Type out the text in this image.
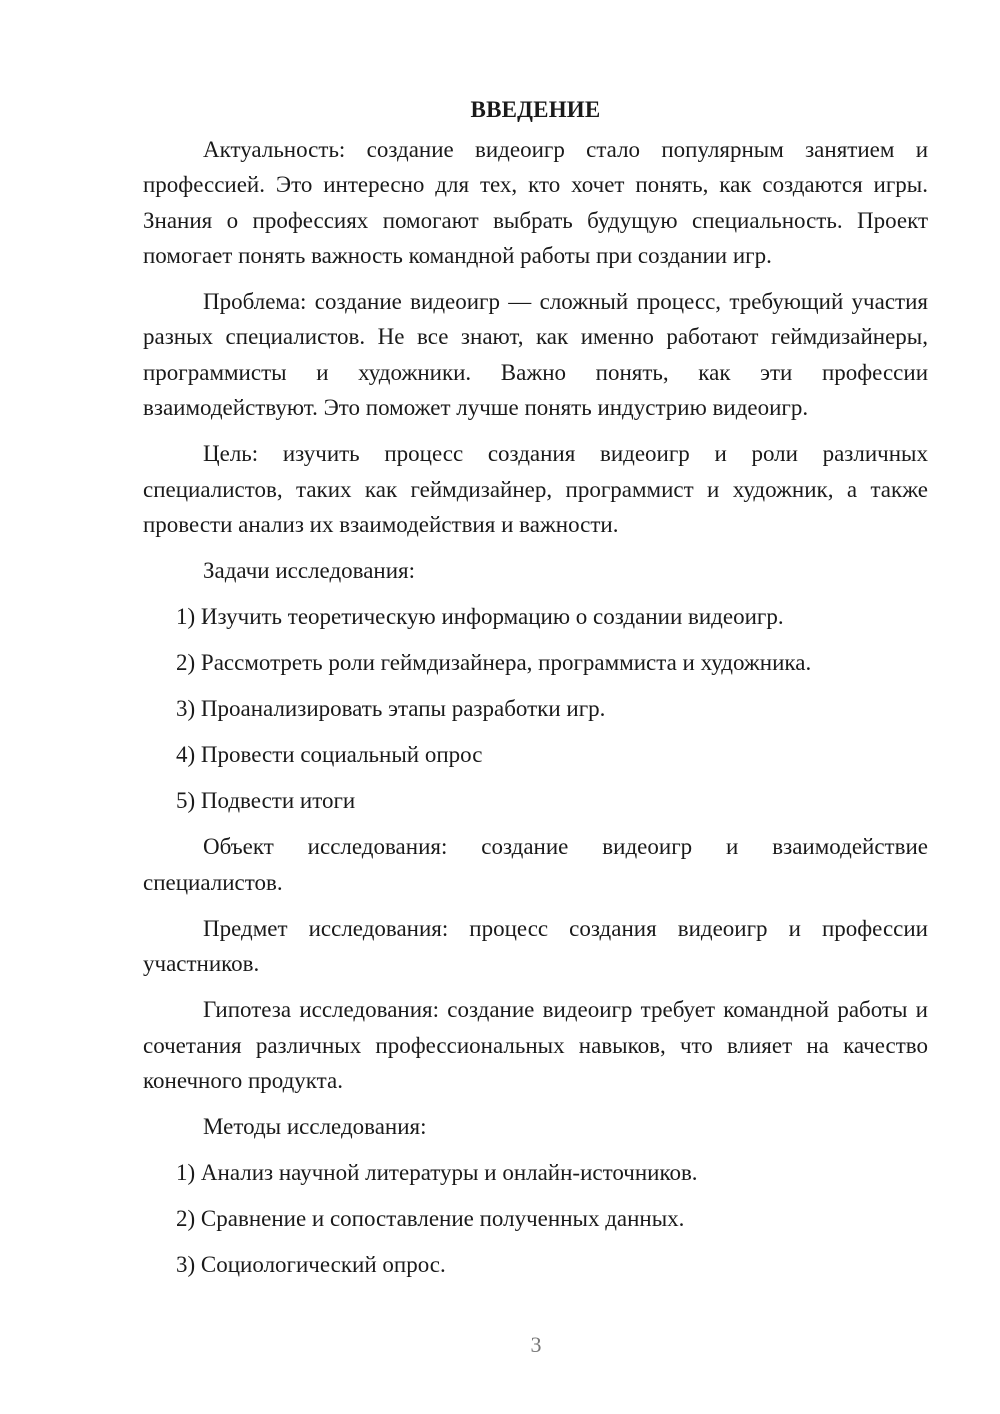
ВВЕДЕНИЕ

Актуальность: создание видеоигр стало популярным занятием и профессией. Это интересно для тех, кто хочет понять, как создаются игры. Знания о профессиях помогают выбрать будущую специальность. Проект помогает понять важность командной работы при создании игр.

Проблема: создание видеоигр — сложный процесс, требующий участия разных специалистов. Не все знают, как именно работают геймдизайнеры, программисты и художники. Важно понять, как эти профессии взаимодействуют. Это поможет лучше понять индустрию видеоигр.

Цель: изучить процесс создания видеоигр и роли различных специалистов, таких как геймдизайнер, программист и художник, а также провести анализ их взаимодействия и важности.

Задачи исследования:

1) Изучить теоретическую информацию о создании видеоигр.
2) Рассмотреть роли геймдизайнера, программиста и художника.
3) Проанализировать этапы разработки игр.
4) Провести социальный опрос
5) Подвести итоги

Объект исследования: создание видеоигр и взаимодействие специалистов.

Предмет исследования: процесс создания видеоигр и профессии участников.

Гипотеза исследования: создание видеоигр требует командной работы и сочетания различных профессиональных навыков, что влияет на качество конечного продукта.

Методы исследования:

1) Анализ научной литературы и онлайн-источников.
2) Сравнение и сопоставление полученных данных.
3) Социологический опрос.
3
